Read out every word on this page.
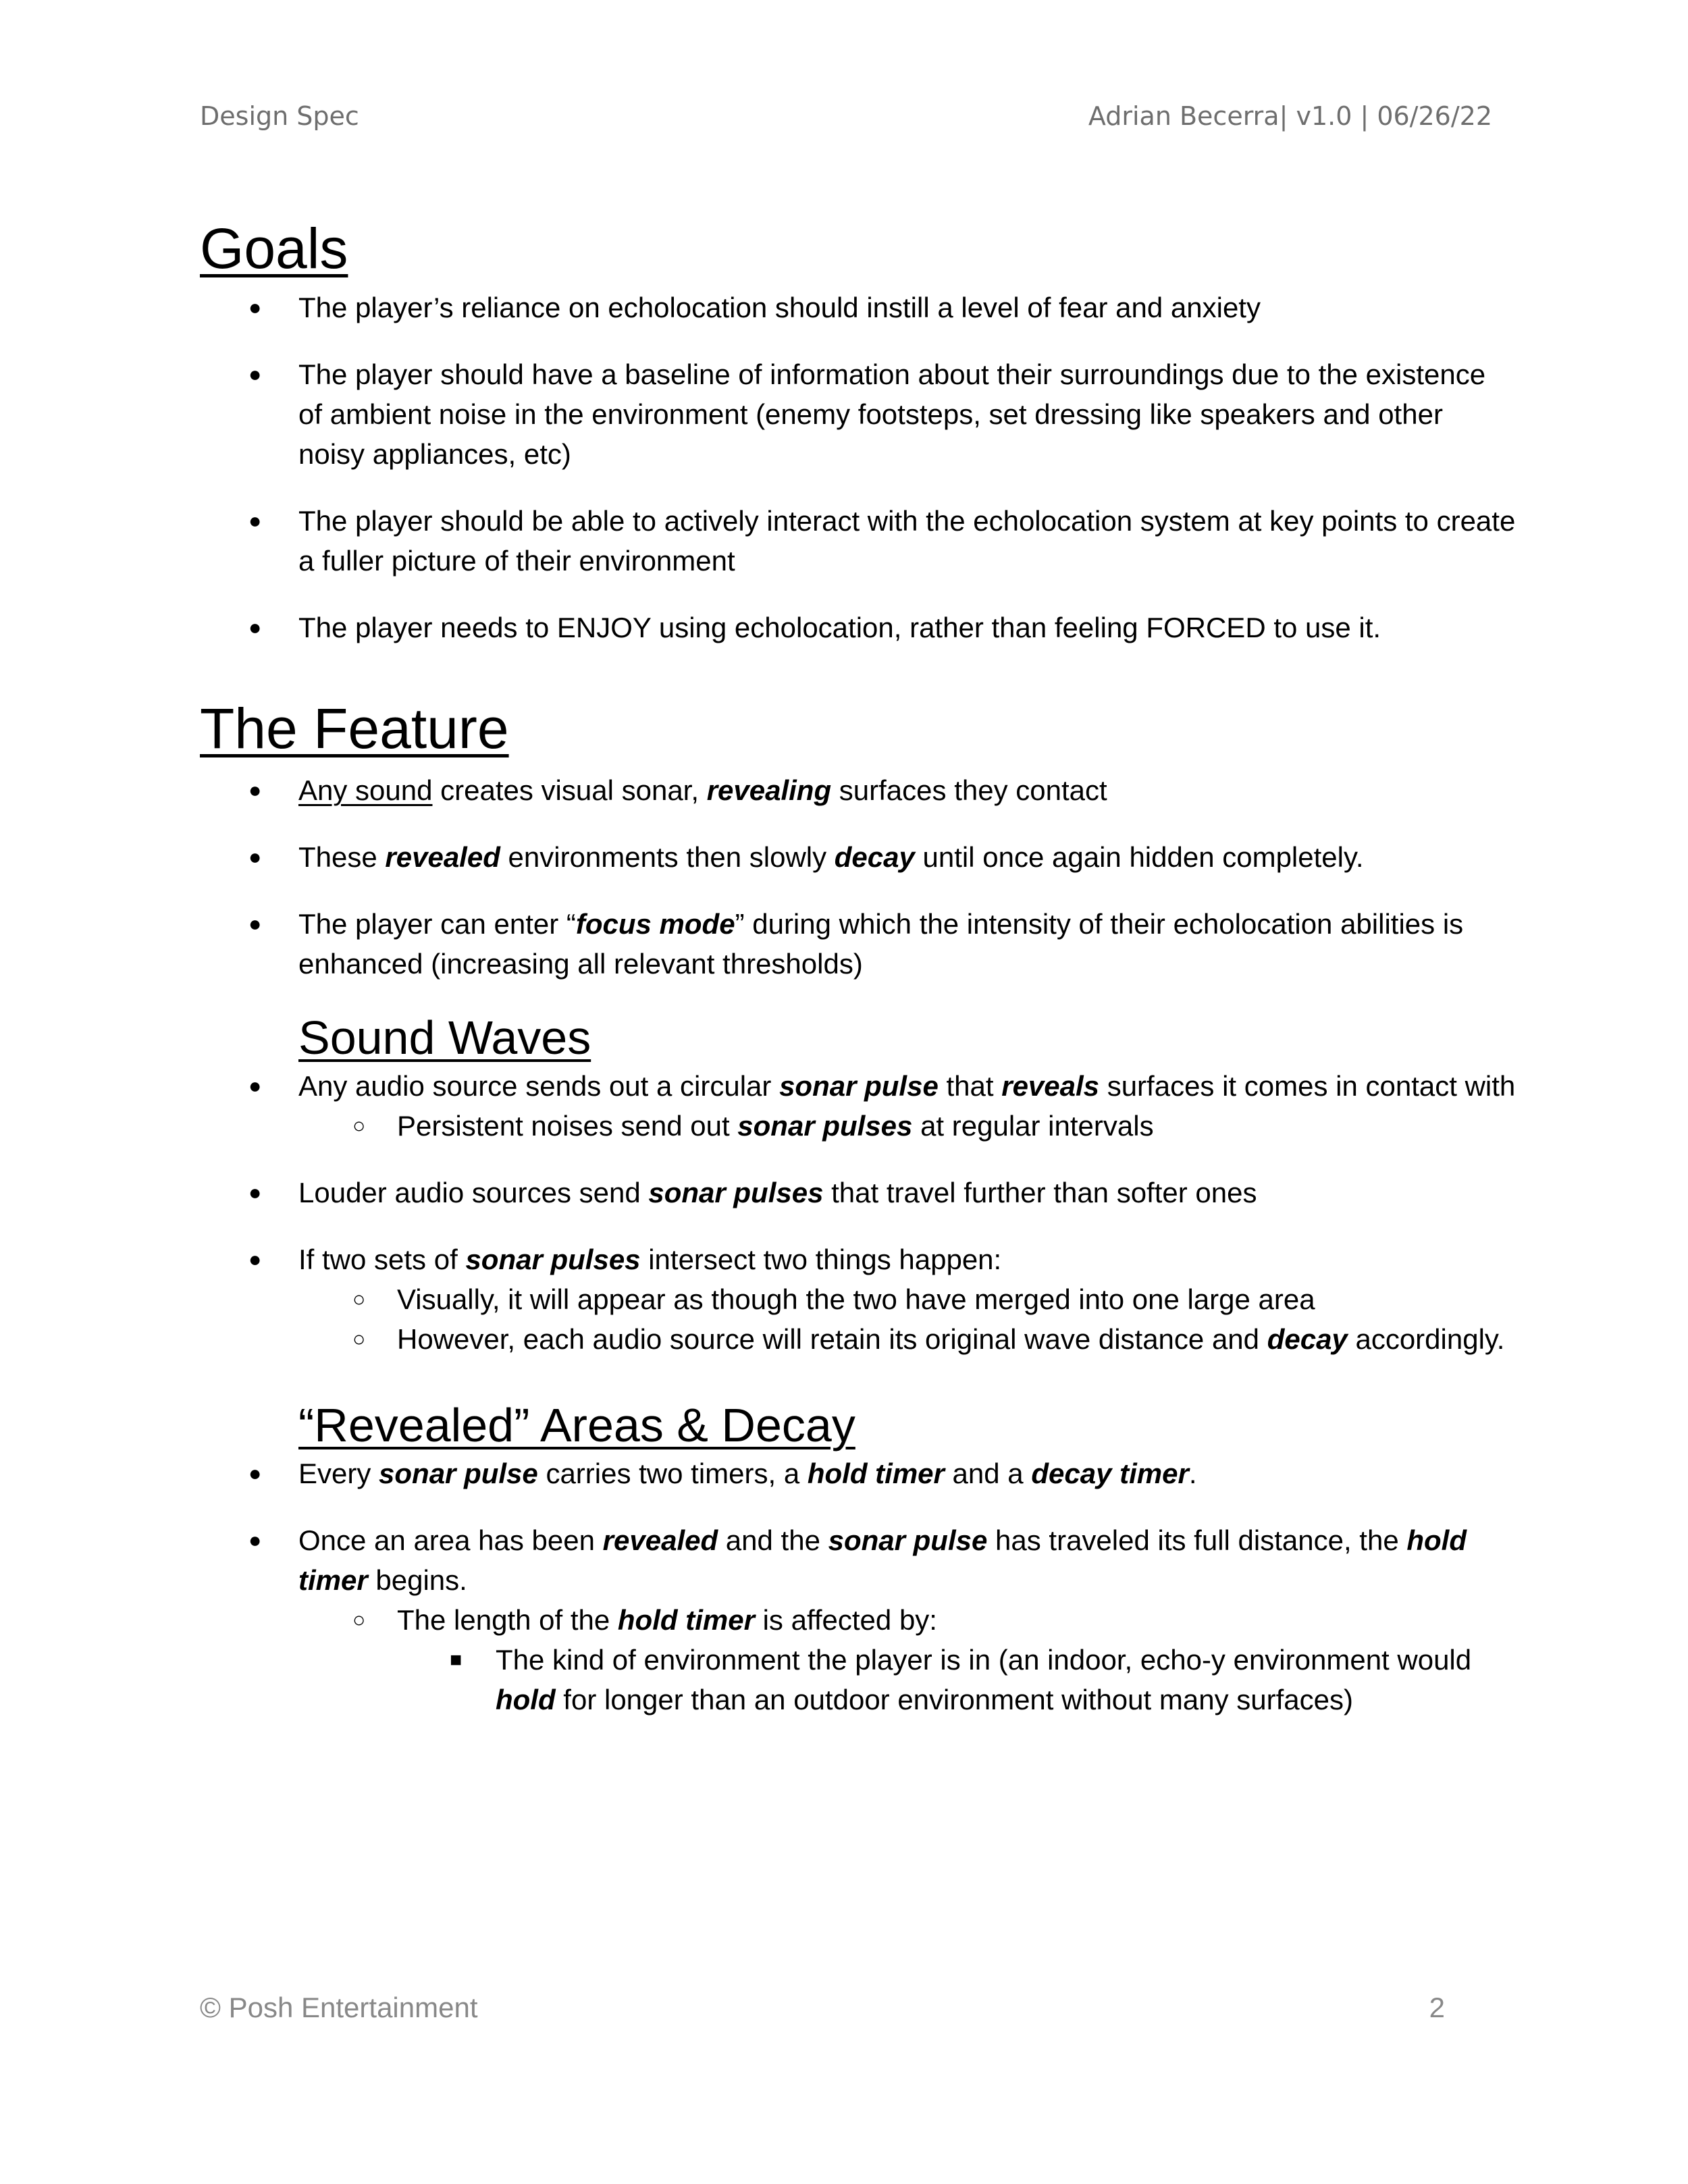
Design Spec	Adrian Becerra| v1.0 | 06/26/22
Goals
● The player’s reliance on echolocation should instill a level of fear and anxiety
● The player should have a baseline of information about their surroundings due to the existence of ambient noise in the environment (enemy footsteps, set dressing like speakers and other noisy appliances, etc)
● The player should be able to actively interact with the echolocation system at key points to create a fuller picture of their environment
● The player needs to ENJOY using echolocation, rather than feeling FORCED to use it.
The Feature
● Any sound creates visual sonar, revealing surfaces they contact
● These revealed environments then slowly decay until once again hidden completely.
● The player can enter “focus mode” during which the intensity of their echolocation abilities is enhanced (increasing all relevant thresholds)
Sound Waves
● Any audio source sends out a circular sonar pulse that reveals surfaces it comes in contact with
○ Persistent noises send out sonar pulses at regular intervals
● Louder audio sources send sonar pulses that travel further than softer ones
● If two sets of sonar pulses intersect two things happen:
○ Visually, it will appear as though the two have merged into one large area
○ However, each audio source will retain its original wave distance and decay accordingly.
“Revealed” Areas & Decay
● Every sonar pulse carries two timers, a hold timer and a decay timer.
● Once an area has been revealed and the sonar pulse has traveled its full distance, the hold timer begins.
○ The length of the hold timer is affected by:
■ The kind of environment the player is in (an indoor, echo-y environment would hold for longer than an outdoor environment without many surfaces)
© Posh Entertainment	2
